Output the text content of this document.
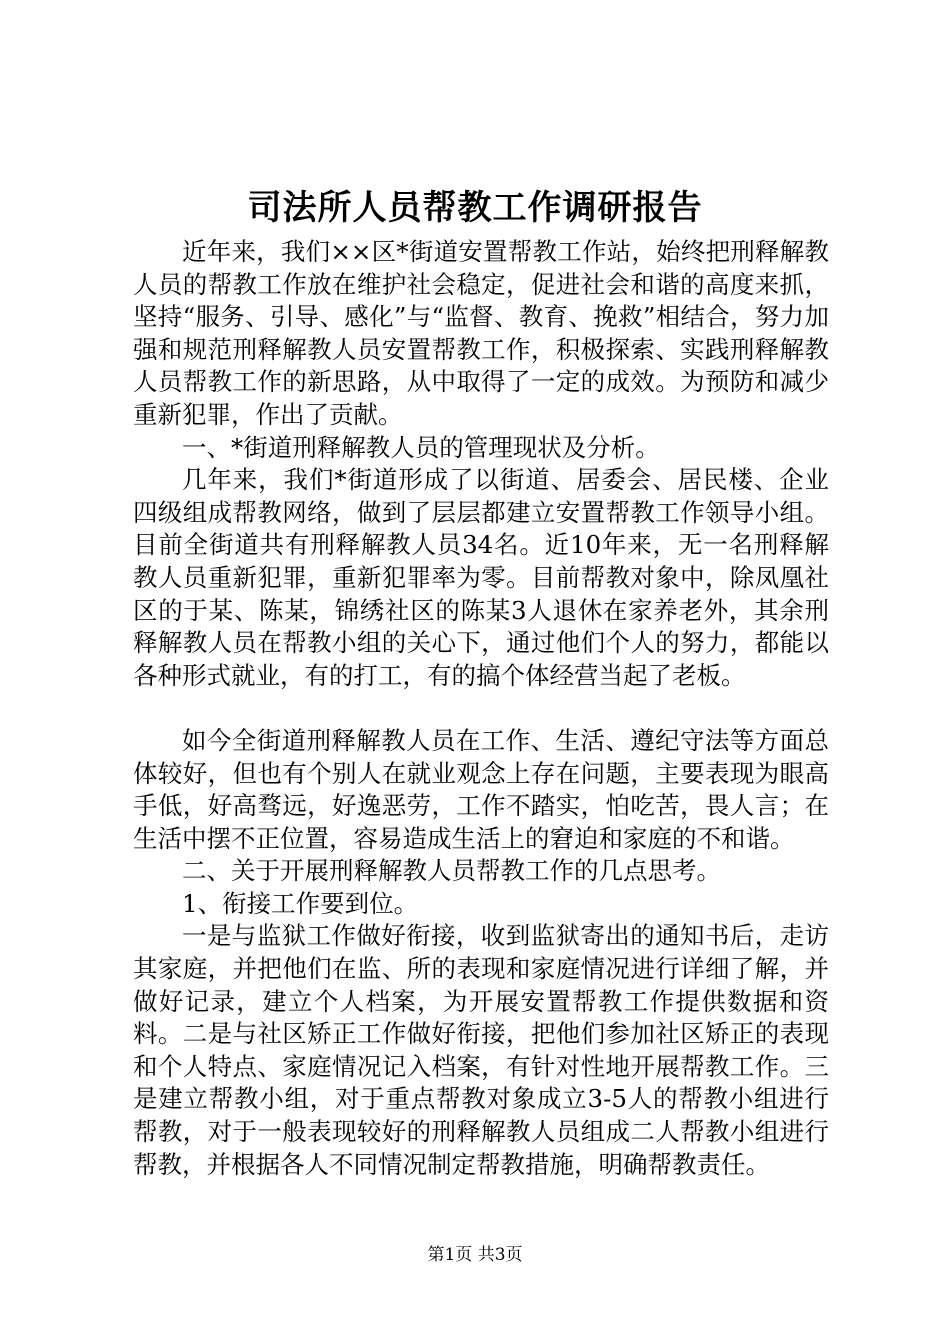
司法所人员帮教工作调研报告

近年来，我们××区*街道安置帮教工作站，始终把刑释解教人员的帮教工作放在维护社会稳定，促进社会和谐的高度来抓，坚持“服务、引导、感化”与“监督、教育、挽救”相结合，努力加强和规范刑释解教人员安置帮教工作，积极探索、实践刑释解教人员帮教工作的新思路，从中取得了一定的成效。为预防和减少重新犯罪，作出了贡献。

一、*街道刑释解教人员的管理现状及分析。

几年来，我们*街道形成了以街道、居委会、居民楼、企业四级组成帮教网络，做到了层层都建立安置帮教工作领导小组。目前全街道共有刑释解教人员34名。近10年来，无一名刑释解教人员重新犯罪，重新犯罪率为零。目前帮教对象中，除凤凰社区的于某、陈某，锦绣社区的陈某3人退休在家养老外，其余刑释解教人员在帮教小组的关心下，通过他们个人的努力，都能以各种形式就业，有的打工，有的搞个体经营当起了老板。

如今全街道刑释解教人员在工作、生活、遵纪守法等方面总体较好，但也有个别人在就业观念上存在问题，主要表现为眼高手低，好高骛远，好逸恶劳，工作不踏实，怕吃苦，畏人言；在生活中摆不正位置，容易造成生活上的窘迫和家庭的不和谐。

二、关于开展刑释解教人员帮教工作的几点思考。

1、衔接工作要到位。

一是与监狱工作做好衔接，收到监狱寄出的通知书后，走访其家庭，并把他们在监、所的表现和家庭情况进行详细了解，并做好记录，建立个人档案，为开展安置帮教工作提供数据和资料。二是与社区矫正工作做好衔接，把他们参加社区矫正的表现和个人特点、家庭情况记入档案，有针对性地开展帮教工作。三是建立帮教小组，对于重点帮教对象成立3-5人的帮教小组进行帮教，对于一般表现较好的刑释解教人员组成二人帮教小组进行帮教，并根据各人不同情况制定帮教措施，明确帮教责任。

第1页 共3页
